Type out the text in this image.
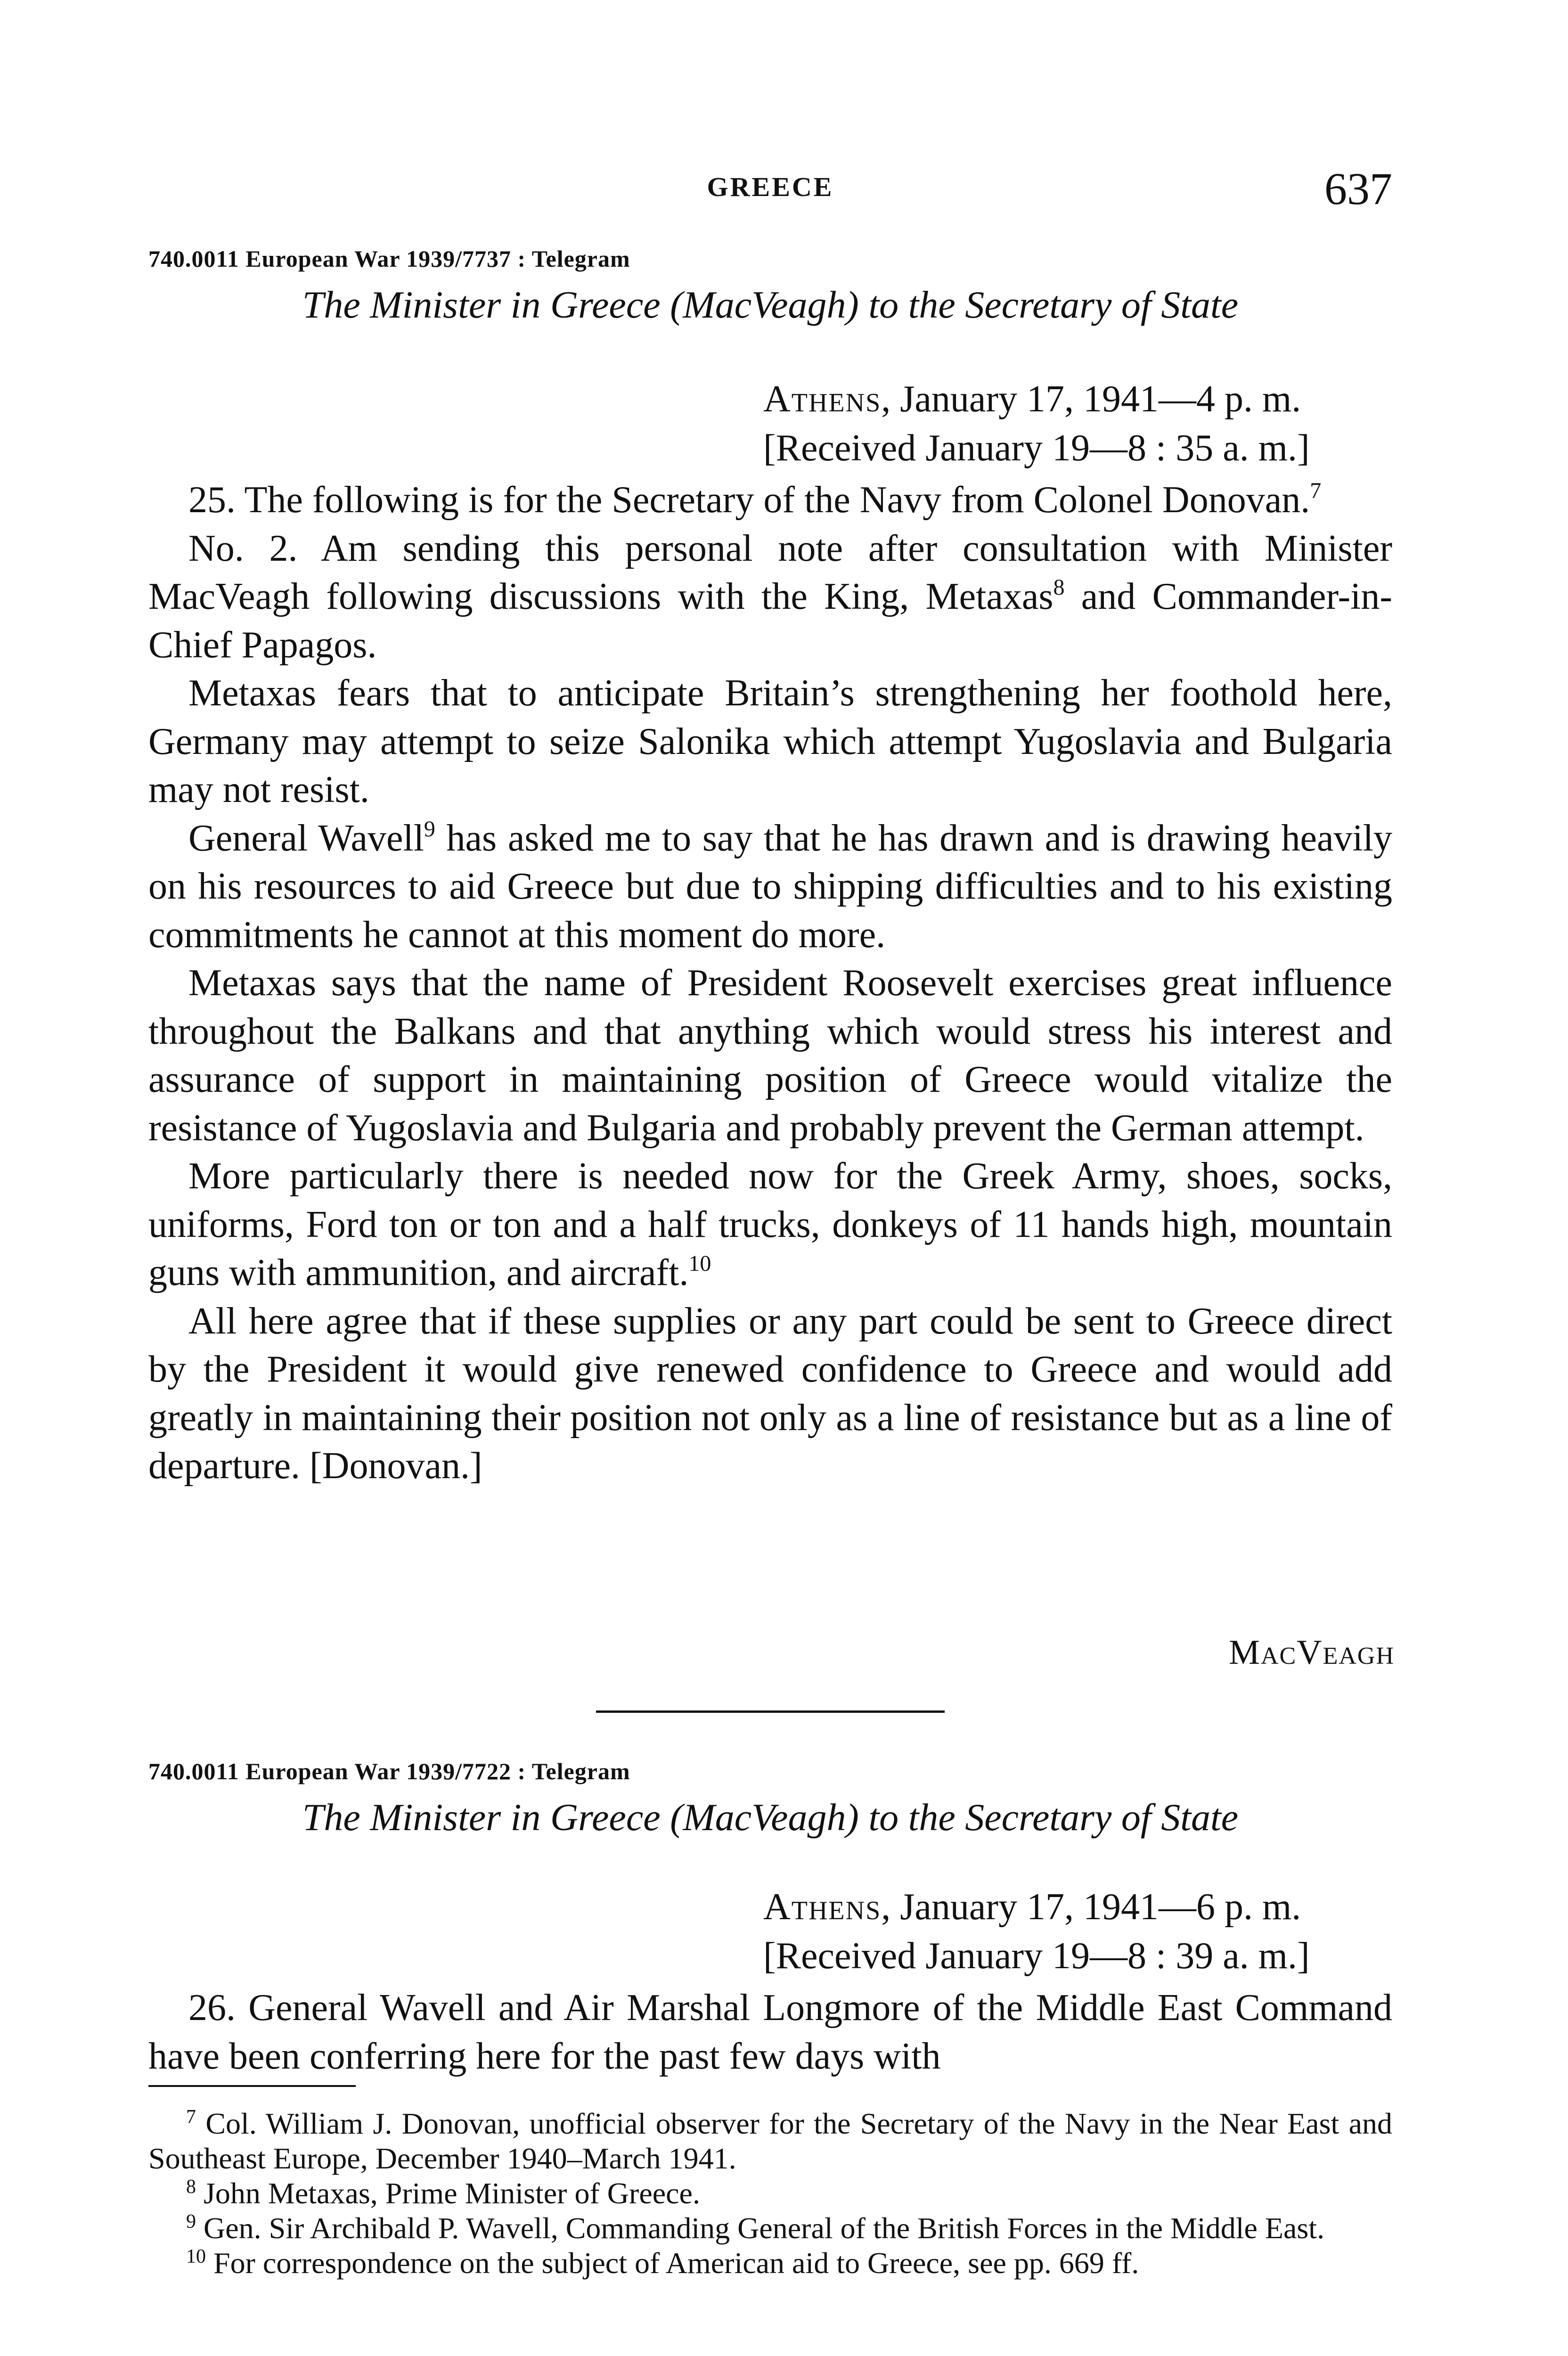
GREECE	637
740.0011 European War 1939/7737 : Telegram
The Minister in Greece (MacVeagh) to the Secretary of State
Athens, January 17, 1941—4 p. m.
[Received January 19—8 : 35 a. m.]

25. The following is for the Secretary of the Navy from Colonel Donovan.$^7$

No. 2. Am sending this personal note after consultation with Minister MacVeagh following discussions with the King, Metaxas$^8$ and Commander-in-Chief Papagos.

Metaxas fears that to anticipate Britain’s strengthening her foothold here, Germany may attempt to seize Salonika which attempt Yugoslavia and Bulgaria may not resist.

General Wavell$^9$ has asked me to say that he has drawn and is drawing heavily on his resources to aid Greece but due to shipping difficulties and to his existing commitments he cannot at this moment do more.

Metaxas says that the name of President Roosevelt exercises great influence throughout the Balkans and that anything which would stress his interest and assurance of support in maintaining position of Greece would vitalize the resistance of Yugoslavia and Bulgaria and probably prevent the German attempt.

More particularly there is needed now for the Greek Army, shoes, socks, uniforms, Ford ton or ton and a half trucks, donkeys of 11 hands high, mountain guns with ammunition, and aircraft.$^{10}$

All here agree that if these supplies or any part could be sent to Greece direct by the President it would give renewed confidence to Greece and would add greatly in maintaining their position not only as a line of resistance but as a line of departure. [Donovan.]

MacVeagh
740.0011 European War 1939/7722 : Telegram
The Minister in Greece (MacVeagh) to the Secretary of State
Athens, January 17, 1941—6 p. m.
[Received January 19—8 : 39 a. m.]

26. General Wavell and Air Marshal Longmore of the Middle East Command have been conferring here for the past few days with

$^7$ Col. William J. Donovan, unofficial observer for the Secretary of the Navy in the Near East and Southeast Europe, December 1940–March 1941.

$^8$ John Metaxas, Prime Minister of Greece.

$^9$ Gen. Sir Archibald P. Wavell, Commanding General of the British Forces in the Middle East.

$^{10}$ For correspondence on the subject of American aid to Greece, see pp. 669 ff.
